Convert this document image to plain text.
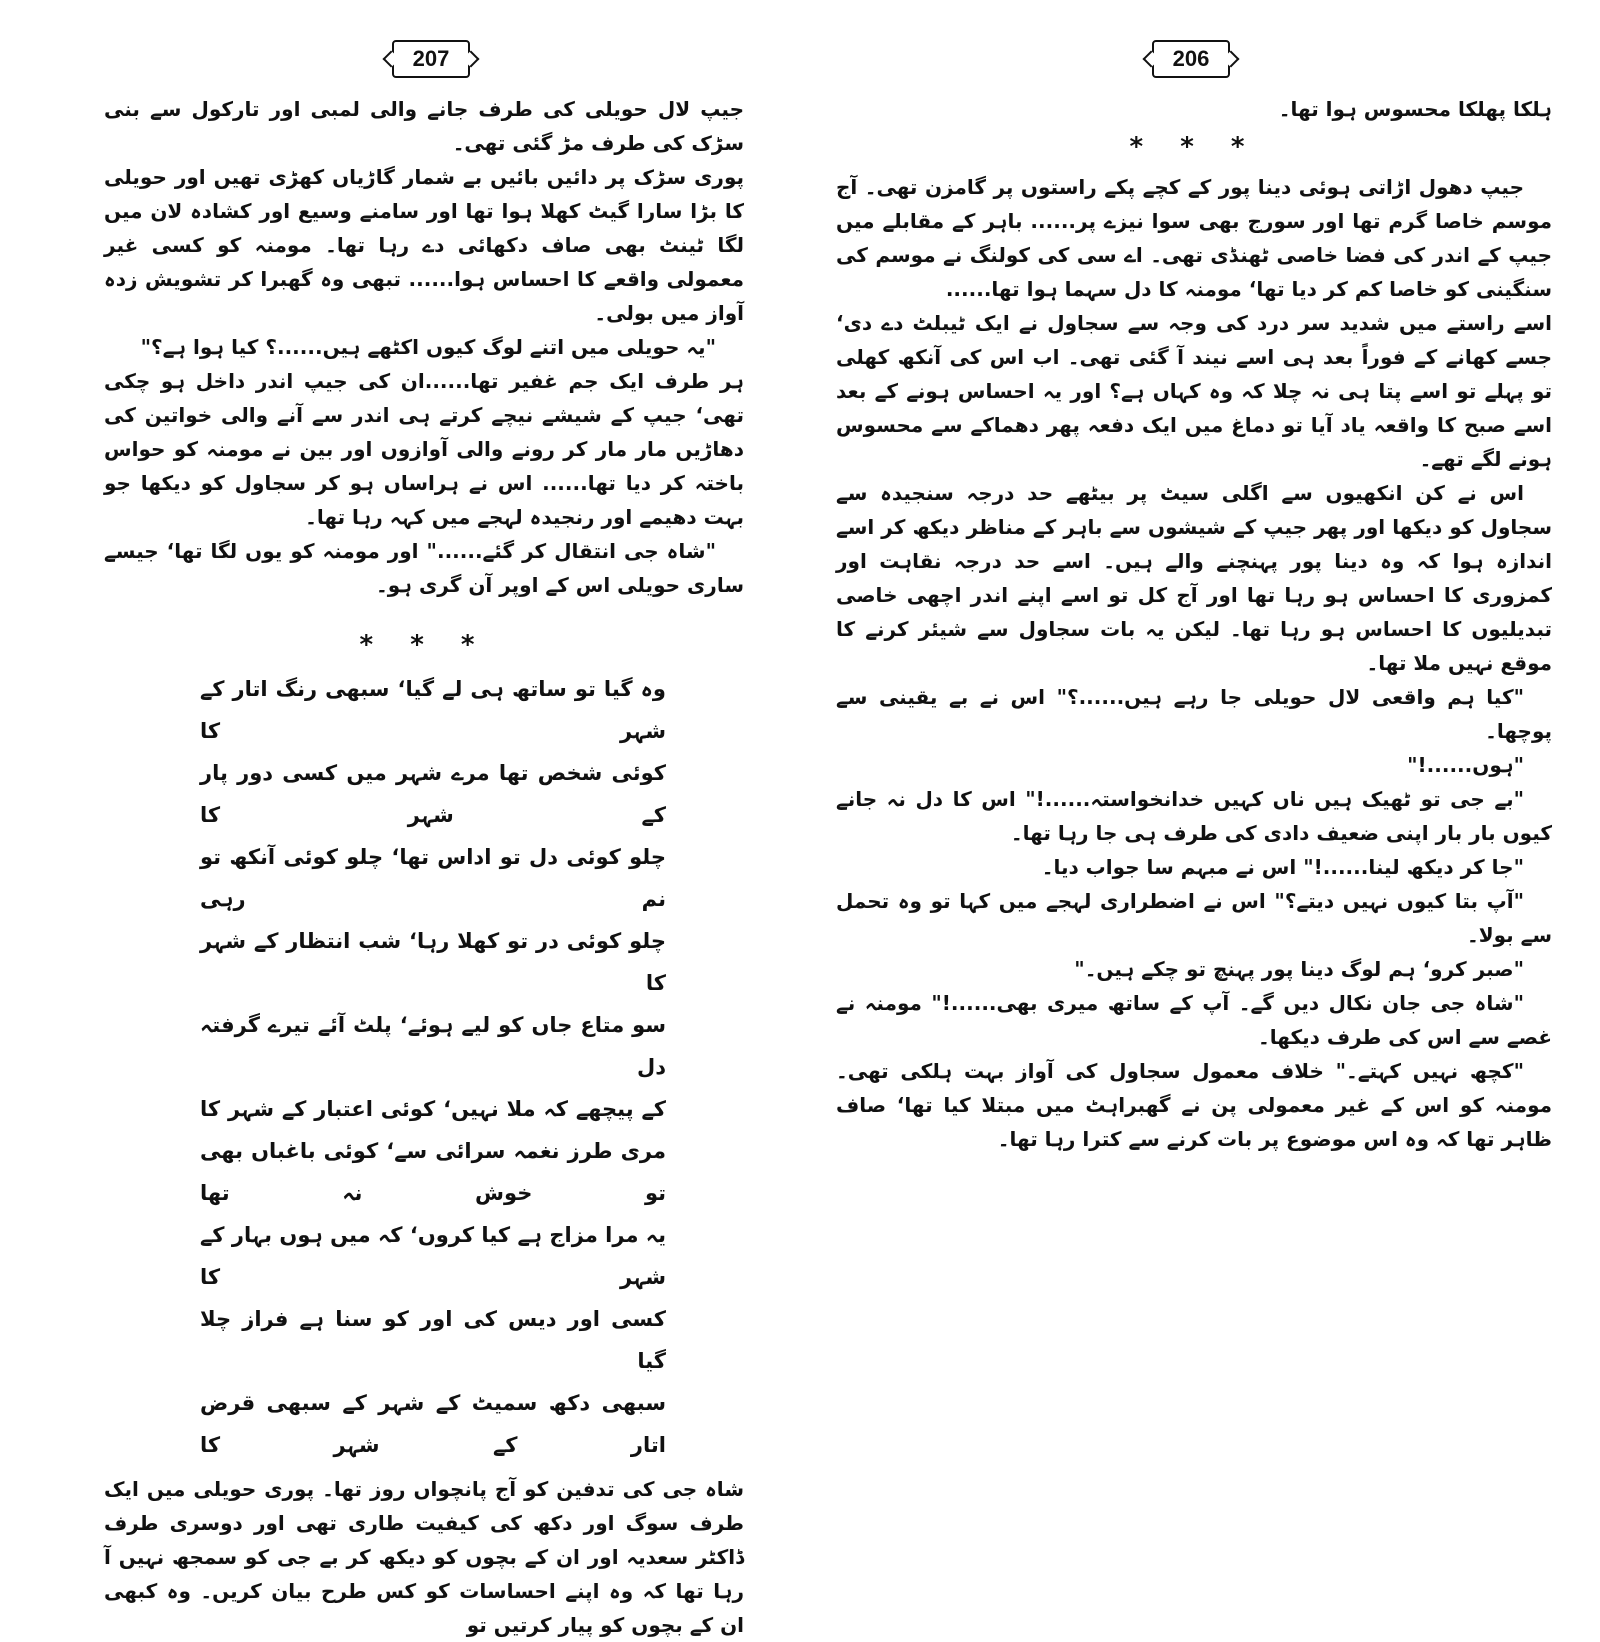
207

جیپ لال حویلی کی طرف جانے والی لمبی اور تارکول سے بنی سڑک کی طرف مڑ گئی تھی۔

پوری سڑک پر دائیں بائیں بے شمار گاڑیاں کھڑی تھیں اور حویلی کا بڑا سارا گیٹ کھلا ہوا تھا اور سامنے وسیع اور کشادہ لان میں لگا ٹینٹ بھی صاف دکھائی دے رہا تھا۔ مومنہ کو کسی غیر معمولی واقعے کا احساس ہوا...... تبھی وہ گھبرا کر تشویش زدہ آواز میں بولی۔

"یہ حویلی میں اتنے لوگ کیوں اکٹھے ہیں......؟ کیا ہوا ہے؟"

ہر طرف ایک جم غفیر تھا......ان کی جیپ اندر داخل ہو چکی تھی‘ جیپ کے شیشے نیچے کرتے ہی اندر سے آنے والی خواتین کی دھاڑیں مار مار کر رونے والی آوازوں اور بین نے مومنہ کو حواس باختہ کر دیا تھا...... اس نے ہراساں ہو کر سجاول کو دیکھا جو بہت دھیمے اور رنجیدہ لہجے میں کہہ رہا تھا۔

"شاہ جی انتقال کر گئے......" اور مومنہ کو یوں لگا تھا‘ جیسے ساری حویلی اس کے اوپر آن گری ہو۔

* * *
وہ گیا تو ساتھ ہی لے گیا‘ سبھی رنگ اتار کے شہر کا
کوئی شخص تھا مرے شہر میں کسی دور پار کے شہر کا
چلو کوئی دل تو اداس تھا‘ چلو کوئی آنکھ تو نم رہی
چلو کوئی در تو کھلا رہا‘ شب انتظار کے شہر کا
سو متاع جاں کو لیے ہوئے‘ پلٹ آئے تیرے گرفتہ دل
کے پیچھے کہ ملا نہیں‘ کوئی اعتبار کے شہر کا
مری طرز نغمہ سرائی سے‘ کوئی باغباں بھی تو خوش نہ تھا
یہ مرا مزاج ہے کیا کروں‘ کہ میں ہوں بہار کے شہر کا
کسی اور دیس کی اور کو سنا ہے فراز چلا گیا
سبھی دکھ سمیٹ کے شہر کے سبھی قرض اتار کے شہر کا

شاہ جی کی تدفین کو آج پانچواں روز تھا۔ پوری حویلی میں ایک طرف سوگ اور دکھ کی کیفیت طاری تھی اور دوسری طرف ڈاکٹر سعدیہ اور ان کے بچوں کو دیکھ کر بے جی کو سمجھ نہیں آ رہا تھا کہ وہ اپنے احساسات کو کس طرح بیان کریں۔ وہ کبھی ان کے بچوں کو پیار کرتیں تو

206

ہلکا پھلکا محسوس ہوا تھا۔

* * *

جیپ دھول اڑاتی ہوئی دینا پور کے کچے پکے راستوں پر گامزن تھی۔ آج موسم خاصا گرم تھا اور سورج بھی سوا نیزے پر...... باہر کے مقابلے میں جیپ کے اندر کی فضا خاصی ٹھنڈی تھی۔ اے سی کی کولنگ نے موسم کی سنگینی کو خاصا کم کر دیا تھا‘ مومنہ کا دل سہما ہوا تھا......

اسے راستے میں شدید سر درد کی وجہ سے سجاول نے ایک ٹیبلٹ دے دی‘ جسے کھانے کے فوراً بعد ہی اسے نیند آ گئی تھی۔ اب اس کی آنکھ کھلی تو پہلے تو اسے پتا ہی نہ چلا کہ وہ کہاں ہے؟ اور یہ احساس ہونے کے بعد اسے صبح کا واقعہ یاد آیا تو دماغ میں ایک دفعہ پھر دھماکے سے محسوس ہونے لگے تھے۔

اس نے کن انکھیوں سے اگلی سیٹ پر بیٹھے حد درجہ سنجیدہ سے سجاول کو دیکھا اور پھر جیپ کے شیشوں سے باہر کے مناظر دیکھ کر اسے اندازہ ہوا کہ وہ دینا پور پہنچنے والے ہیں۔ اسے حد درجہ نقاہت اور کمزوری کا احساس ہو رہا تھا اور آج کل تو اسے اپنے اندر اچھی خاصی تبدیلیوں کا احساس ہو رہا تھا۔ لیکن یہ بات سجاول سے شیئر کرنے کا موقع نہیں ملا تھا۔

"کیا ہم واقعی لال حویلی جا رہے ہیں......؟" اس نے بے یقینی سے پوچھا۔

"ہوں......!"

"بے جی تو ٹھیک ہیں ناں کہیں خدانخواستہ......!" اس کا دل نہ جانے کیوں بار بار اپنی ضعیف دادی کی طرف ہی جا رہا تھا۔

"جا کر دیکھ لینا......!" اس نے مبہم سا جواب دیا۔

"آپ بتا کیوں نہیں دیتے؟" اس نے اضطراری لہجے میں کہا تو وہ تحمل سے بولا۔

"صبر کرو‘ ہم لوگ دینا پور پہنچ تو چکے ہیں۔"

"شاہ جی جان نکال دیں گے۔ آپ کے ساتھ میری بھی......!" مومنہ نے غصے سے اس کی طرف دیکھا۔

"کچھ نہیں کہتے۔" خلاف معمول سجاول کی آواز بہت ہلکی تھی۔ مومنہ کو اس کے غیر معمولی پن نے گھبراہٹ میں مبتلا کیا تھا‘ صاف ظاہر تھا کہ وہ اس موضوع پر بات کرنے سے کترا رہا تھا۔
